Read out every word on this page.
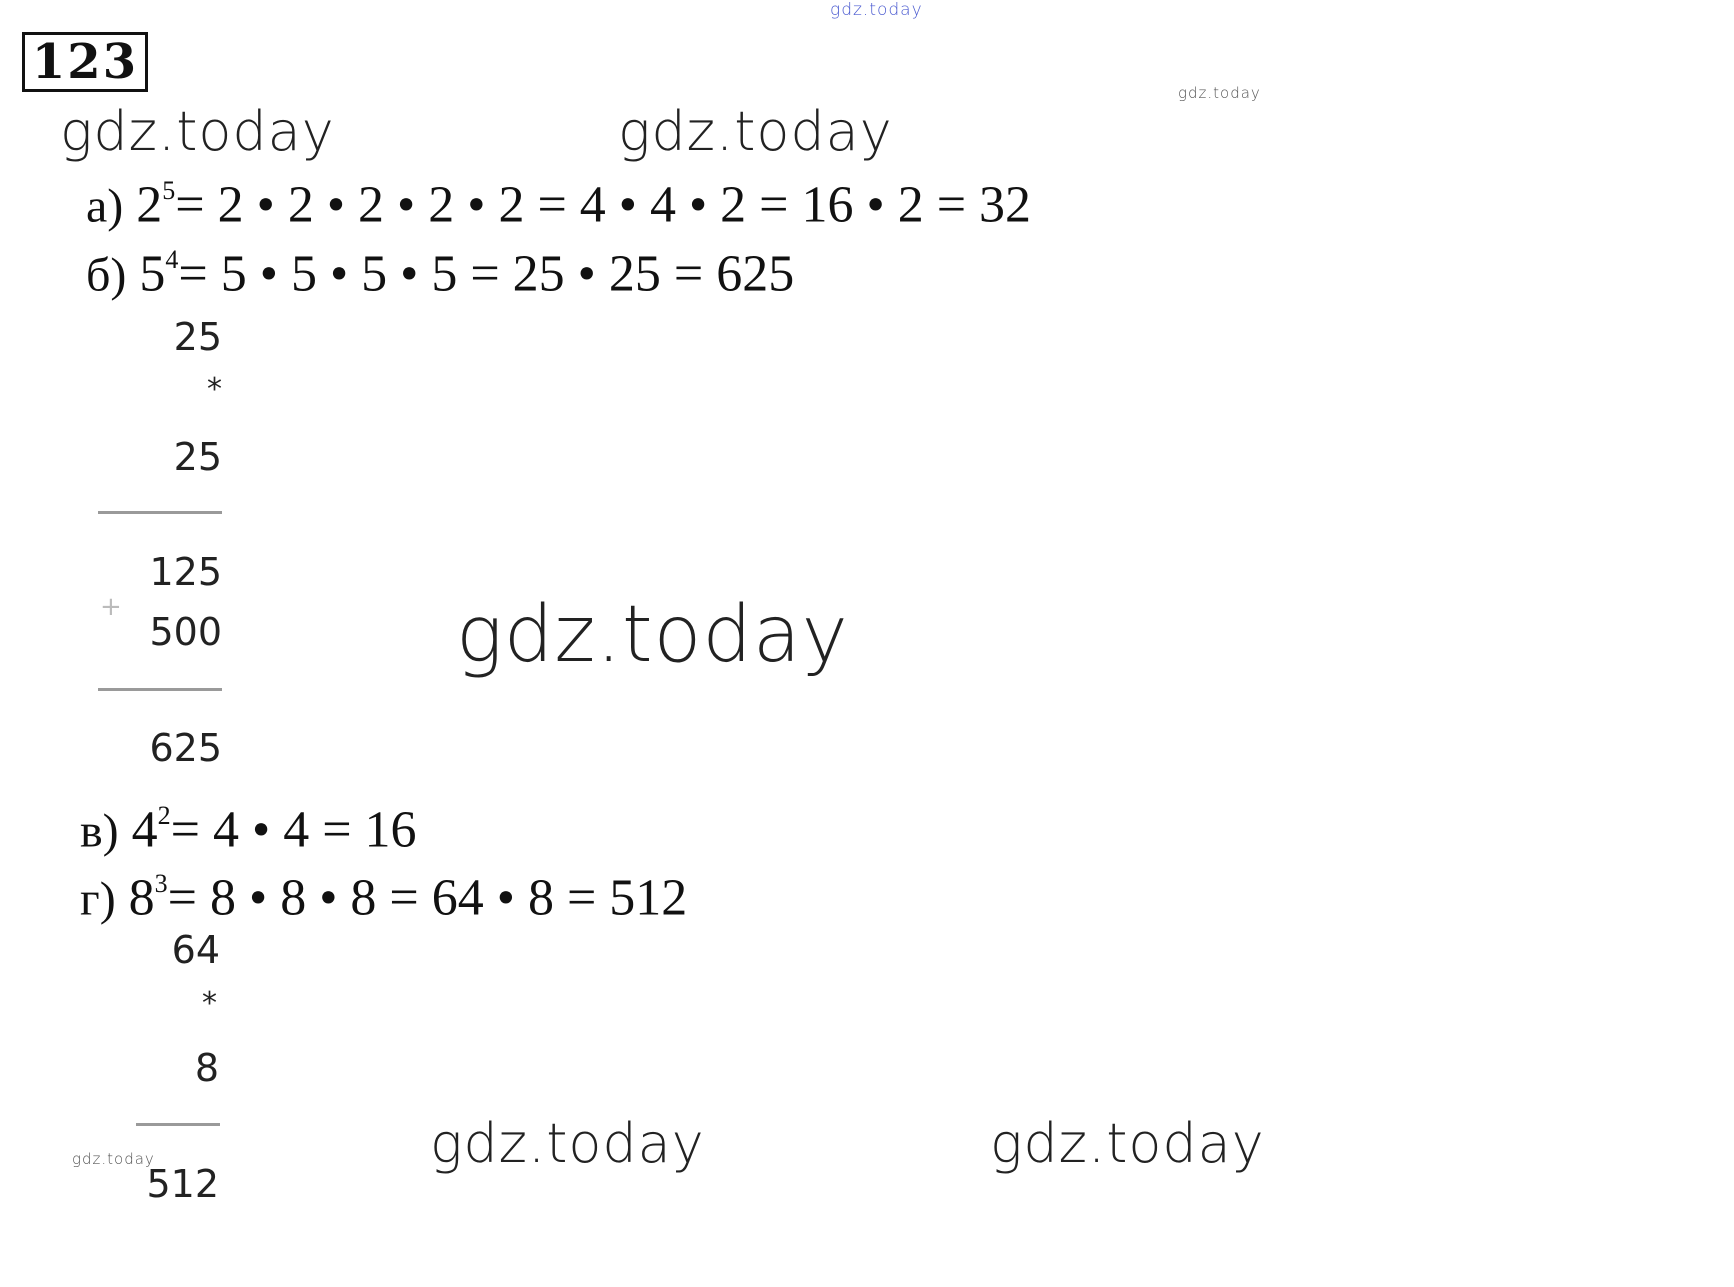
123
gdz.today
gdz.today
gdz.today	gdz.today
gdz.today
gdz.today	gdz.today	gdz.today
а) $2^5= 2$ • 2 • 2 • 2 • 2 = 4 • 4 • 2 = 16 • 2 = 32
б) $5^4= 5$ • 5 • 5 • 5 = 25 • 25 = 625
25
*
25
125
+
500
625
в) $4^2= 4$ • 4 = 16
г) $8^3= 8$ • 8 • 8 = 64 • 8 = 512
64
*
8
512
